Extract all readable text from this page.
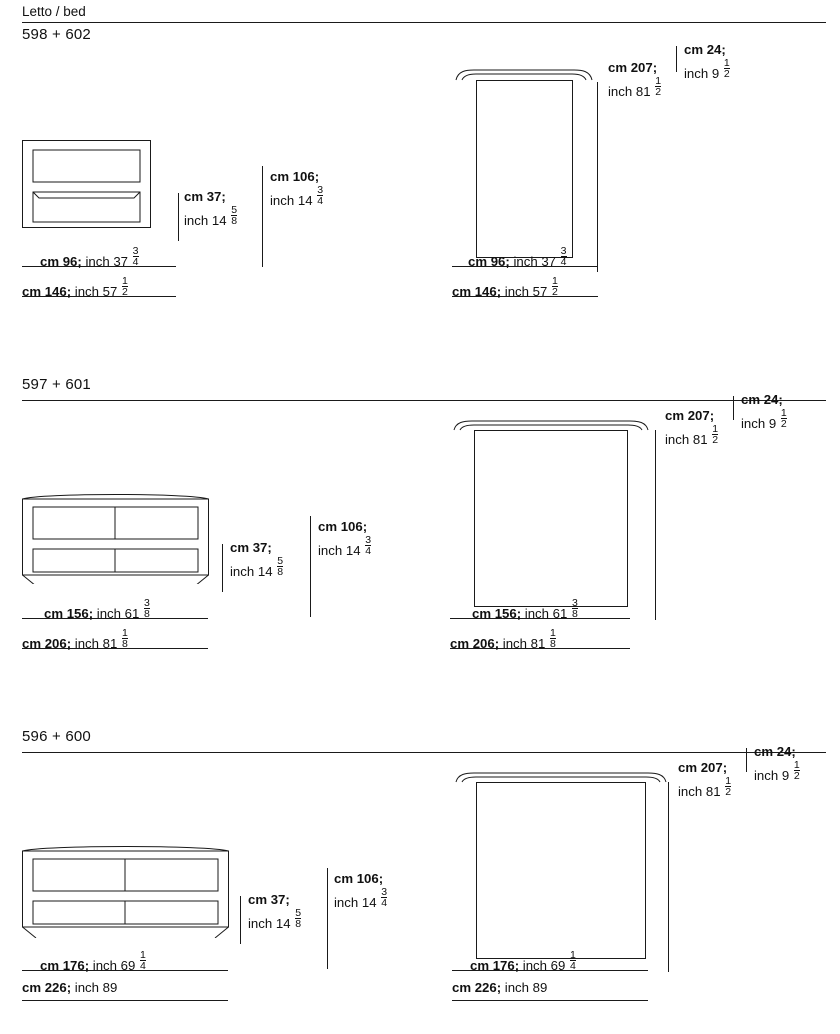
Letto / bed
598 + 602
cm 37;
inch $14 \frac{5}{8}$
cm 106;
inch $14 \frac{3}{4}$
cm 96; inch $37 \frac{3}{4}$
cm 146; inch $57 \frac{1}{2}$
cm 207;
inch $81 \frac{1}{2}$
cm 24;
inch $9 \frac{1}{2}$
cm 96; inch $37 \frac{3}{4}$
cm 146; inch $57 \frac{1}{2}$
597 + 601
cm 37;
inch $14 \frac{5}{8}$
cm 106;
inch $14 \frac{3}{4}$
cm 156; inch $61 \frac{3}{8}$
cm 206; inch $81 \frac{1}{8}$
cm 207;
inch $81 \frac{1}{2}$
cm 24;
inch $9 \frac{1}{2}$
cm 156; inch $61 \frac{3}{8}$
cm 206; inch $81 \frac{1}{8}$
596 + 600
cm 37;
inch $14 \frac{5}{8}$
cm 106;
inch $14 \frac{3}{4}$
cm 176; inch $69 \frac{1}{4}$
cm 226; inch 89
cm 207;
inch $81 \frac{1}{2}$
cm 24;
inch $9 \frac{1}{2}$
cm 176; inch $69 \frac{1}{4}$
cm 226; inch 89
